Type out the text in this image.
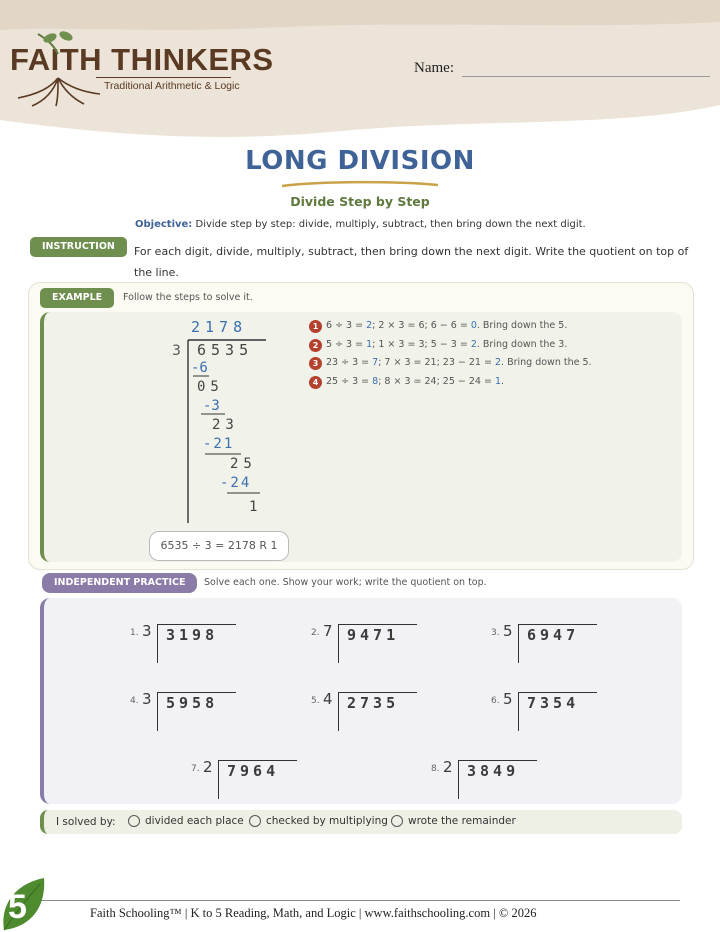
FAITH THINKERS
Traditional Arithmetic & Logic
Name:
LONG DIVISION
Divide Step by Step
Objective: Divide step by step: divide, multiply, subtract, then bring down the next digit.
INSTRUCTION	For each digit, divide, multiply, subtract, then bring down the next digit. Write the quotient on top of the line.
EXAMPLE	Follow the steps to solve it.
2178
3 6535
-6
05
-3
23
-21
25
-24
1
1 6 ÷ 3 = 2; 2 × 3 = 6; 6 − 6 = 0. Bring down the 5.
2 5 ÷ 3 = 1; 1 × 3 = 3; 5 − 3 = 2. Bring down the 3.
3 23 ÷ 3 = 7; 7 × 3 = 21; 23 − 21 = 2. Bring down the 5.
4 25 ÷ 3 = 8; 8 × 3 = 24; 25 − 24 = 1.
6535 ÷ 3 = 2178 R 1
INDEPENDENT PRACTICE	Solve each one. Show your work; write the quotient on top.
1. 3 3198	2. 7 9471	3. 5 6947
4. 3 5958	5. 4 2735	6. 5 7354
7. 2 7964	8. 2 3849
I solved by:	divided each place checked by multiplying wrote the remainder
5	Faith Schooling™ | K to 5 Reading, Math, and Logic | www.faithschooling.com | © 2026
